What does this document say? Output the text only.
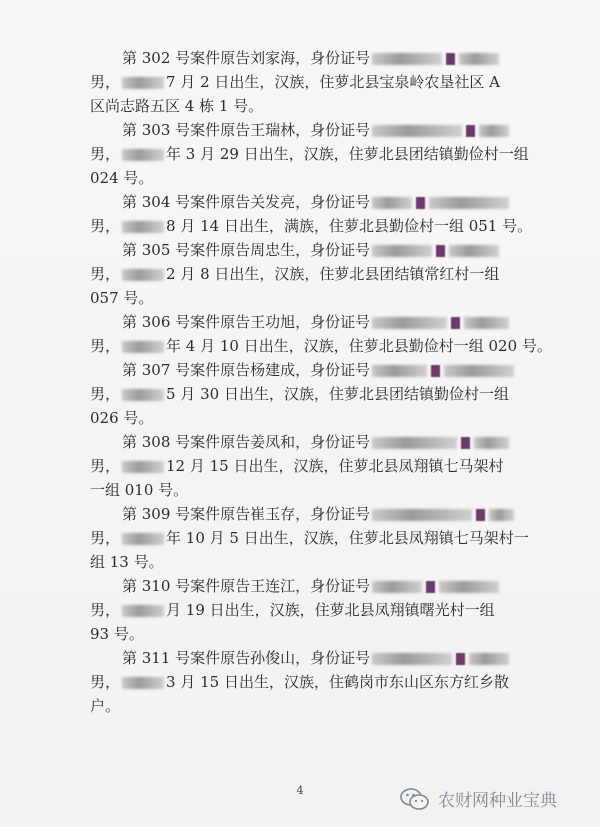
第 302 号案件原告刘家海，身份证号
男，	7 月 2 日出生，汉族，住萝北县宝泉岭农垦社区 A
区尚志路五区 4 栋 1 号。
第 303 号案件原告王瑞林，身份证号
男，	年 3 月 29 日出生，汉族，住萝北县团结镇勤俭村一组
024 号。
第 304 号案件原告关发亮，身份证号
男，	8 月 14 日出生，满族，住萝北县勤俭村一组 051 号。
第 305 号案件原告周忠生，身份证号
男，	2 月 8 日出生，汉族，住萝北县团结镇常红村一组
057 号。
第 306 号案件原告王功旭，身份证号
男，	年 4 月 10 日出生，汉族，住萝北县勤俭村一组 020 号。
第 307 号案件原告杨建成，身份证号
男，	5 月 30 日出生，汉族，住萝北县团结镇勤俭村一组
026 号。
第 308 号案件原告姜凤和，身份证号
男，	12 月 15 日出生，汉族，住萝北县凤翔镇七马架村
一组 010 号。
第 309 号案件原告崔玉存，身份证号
男，	年 10 月 5 日出生，汉族，住萝北县凤翔镇七马架村一
组 13 号。
第 310 号案件原告王连江，身份证号
男，	月 19 日出生，汉族，住萝北县凤翔镇曙光村一组
93 号。
第 311 号案件原告孙俊山，身份证号
男，	3 月 15 日出生，汉族，住鹤岗市东山区东方红乡散
户。
4
农财网种业宝典
